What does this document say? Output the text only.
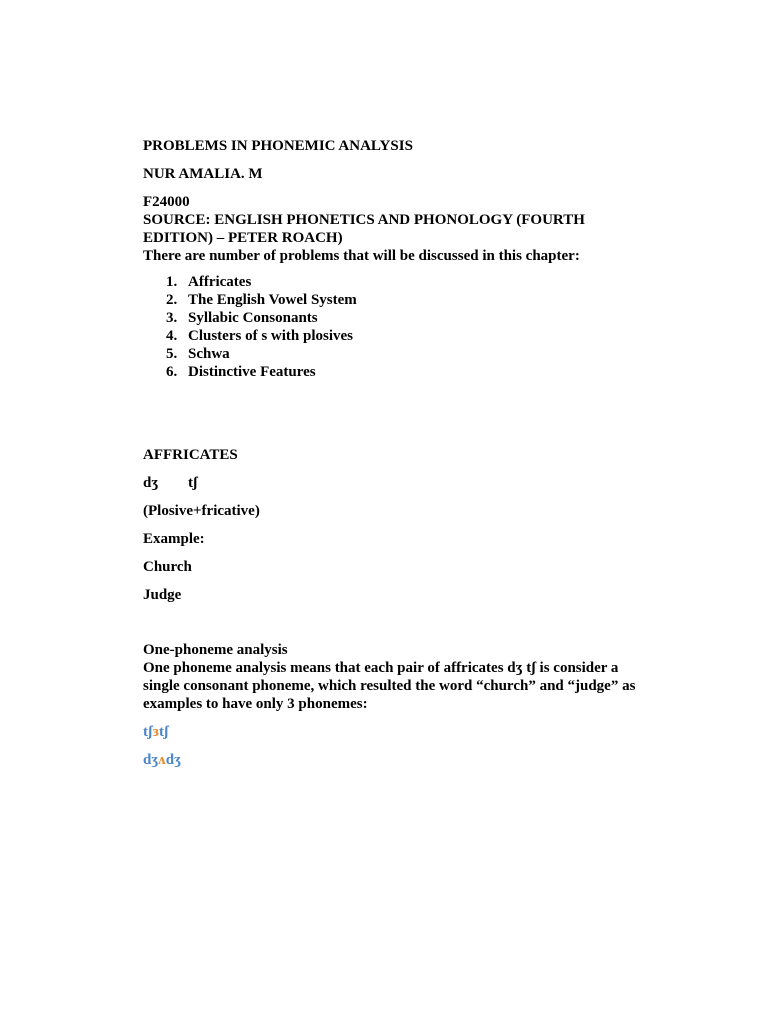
PROBLEMS IN PHONEMIC ANALYSIS

NUR AMALIA. M

F24000

SOURCE: ENGLISH PHONETICS AND PHONOLOGY (FOURTH EDITION) – PETER ROACH)

There are number of problems that will be discussed in this chapter:

1. Affricates
2. The English Vowel System
3. Syllabic Consonants
4. Clusters of s with plosives
5. Schwa
6. Distinctive Features

AFFRICATES

dʒ	tʃ

(Plosive+fricative)

Example:

Church

Judge

One-phoneme analysis

One phoneme analysis means that each pair of affricates dʒ tʃ is consider a single consonant phoneme, which resulted the word “church” and “judge” as examples to have only 3 phonemes:

tʃɜtʃ

dʒʌdʒ
